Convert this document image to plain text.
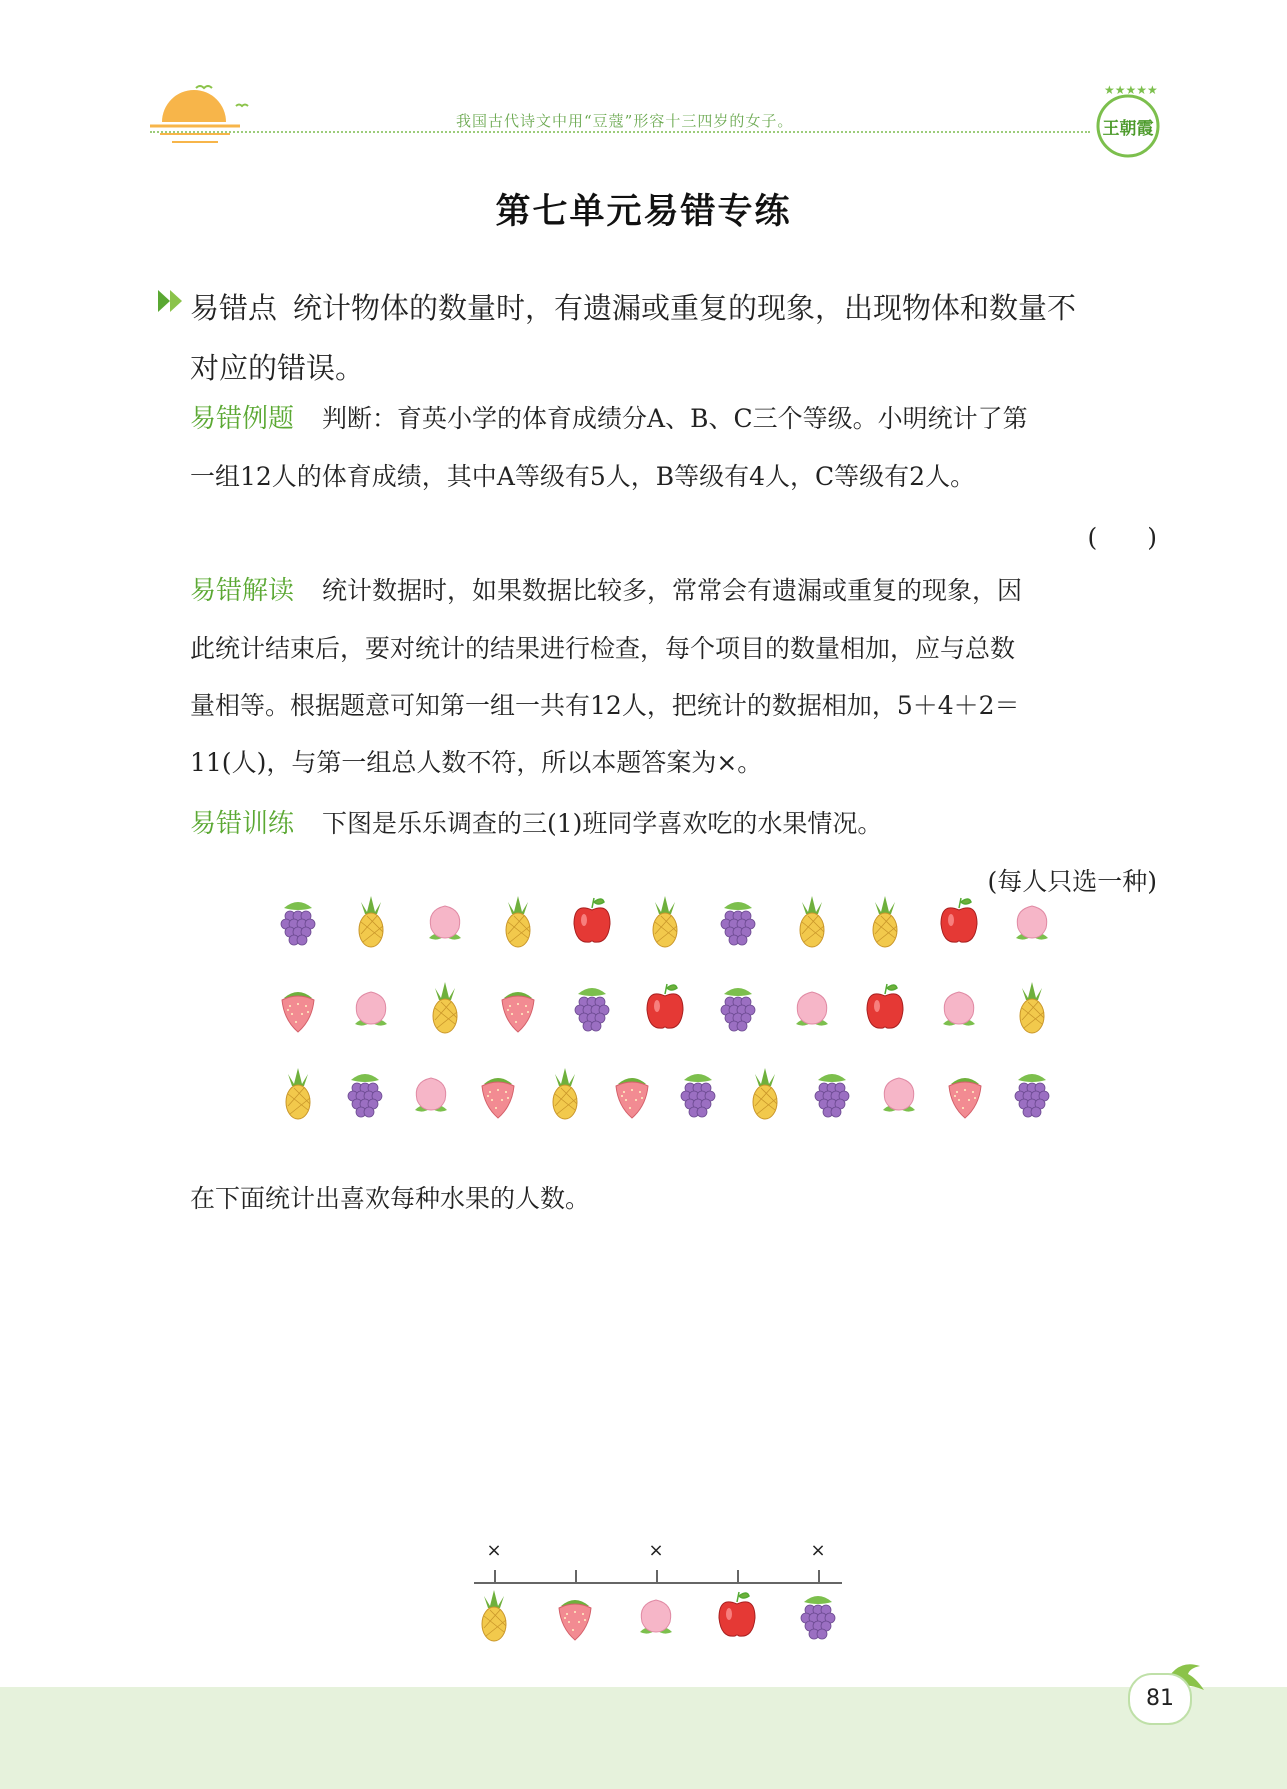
我国古代诗文中用“豆蔻”形容十三四岁的女子。
★★★★★
王朝霞
第七单元易错专练
易错点 统计物体的数量时，有遗漏或重复的现象，出现物体和数量不
对应的错误。
易错例题 判断：育英小学的体育成绩分A、B、C三个等级。小明统计了第
一组12人的体育成绩，其中A等级有5人，B等级有4人，C等级有2人。
(　　)
易错解读 统计数据时，如果数据比较多，常常会有遗漏或重复的现象，因
此统计结束后，要对统计的结果进行检查，每个项目的数量相加，应与总数
量相等。根据题意可知第一组一共有12人，把统计的数据相加，5＋4＋2＝
11(人)，与第一组总人数不符，所以本题答案为×。
易错训练 下图是乐乐调查的三(1)班同学喜欢吃的水果情况。
(每人只选一种)
在下面统计出喜欢每种水果的人数。
×	×	×
81
